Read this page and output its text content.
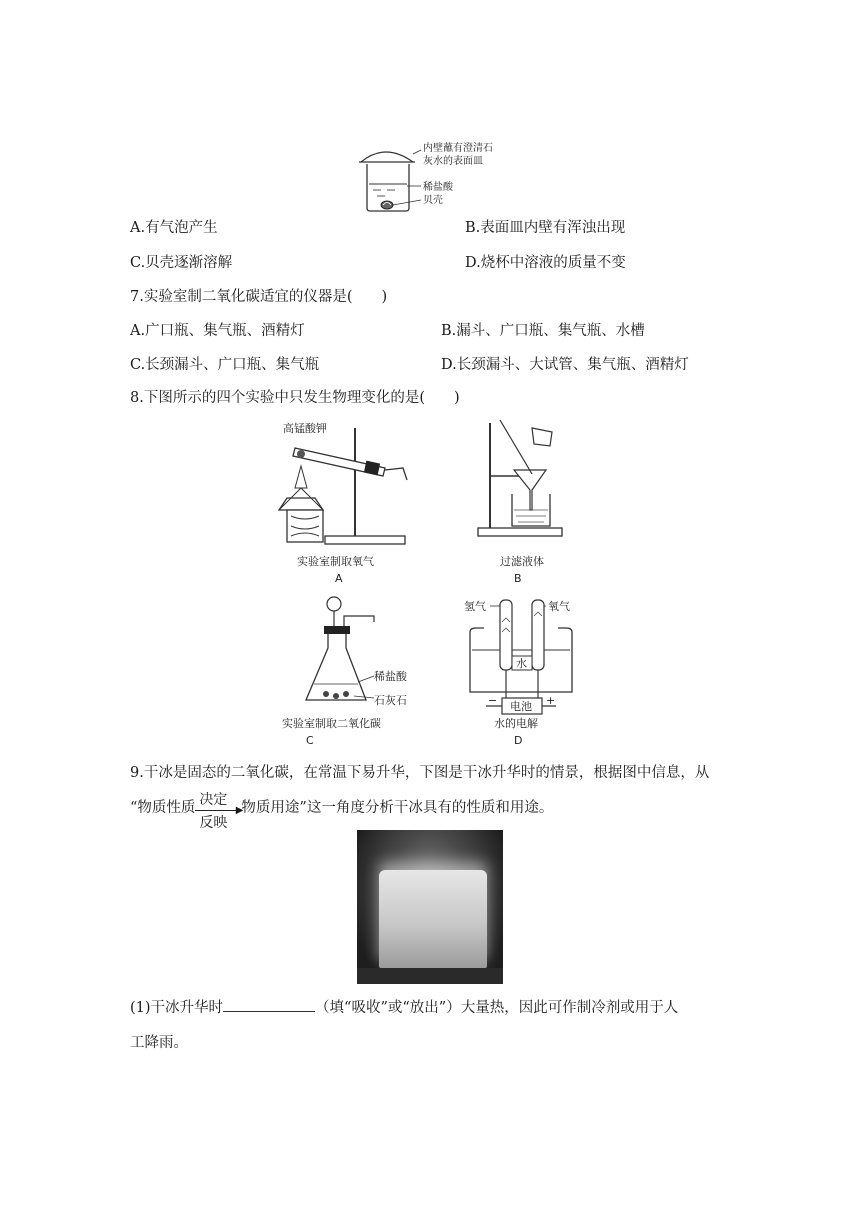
内壁蘸有澄清石
灰水的表面皿
稀盐酸
贝壳
A.有气泡产生	B.表面皿内壁有浑浊出现
C.贝壳逐渐溶解	D.烧杯中溶液的质量不变
7.实验室制二氧化碳适宜的仪器是(　　)
A.广口瓶、集气瓶、酒精灯	B.漏斗、广口瓶、集气瓶、水槽
C.长颈漏斗、广口瓶、集气瓶	D.长颈漏斗、大试管、集气瓶、酒精灯
8.下图所示的四个实验中只发生物理变化的是(　　)
高锰酸钾
实验室制取氧气
A
过滤液体
B
稀盐酸
石灰石
实验室制取二氧化碳
C
氢气	氧气
水
电池
−	+
水的电解
D
9.干冰是固态的二氧化碳，在常温下易升华，下图是干冰升华时的情景，根据图中信息，从
“物质性质 决定
▶
反映
物质用途”这一角度分析干冰具有的性质和用途。
(1)干冰升华时	（填“吸收”或“放出”）大量热，因此可作制冷剂或用于人
工降雨。
